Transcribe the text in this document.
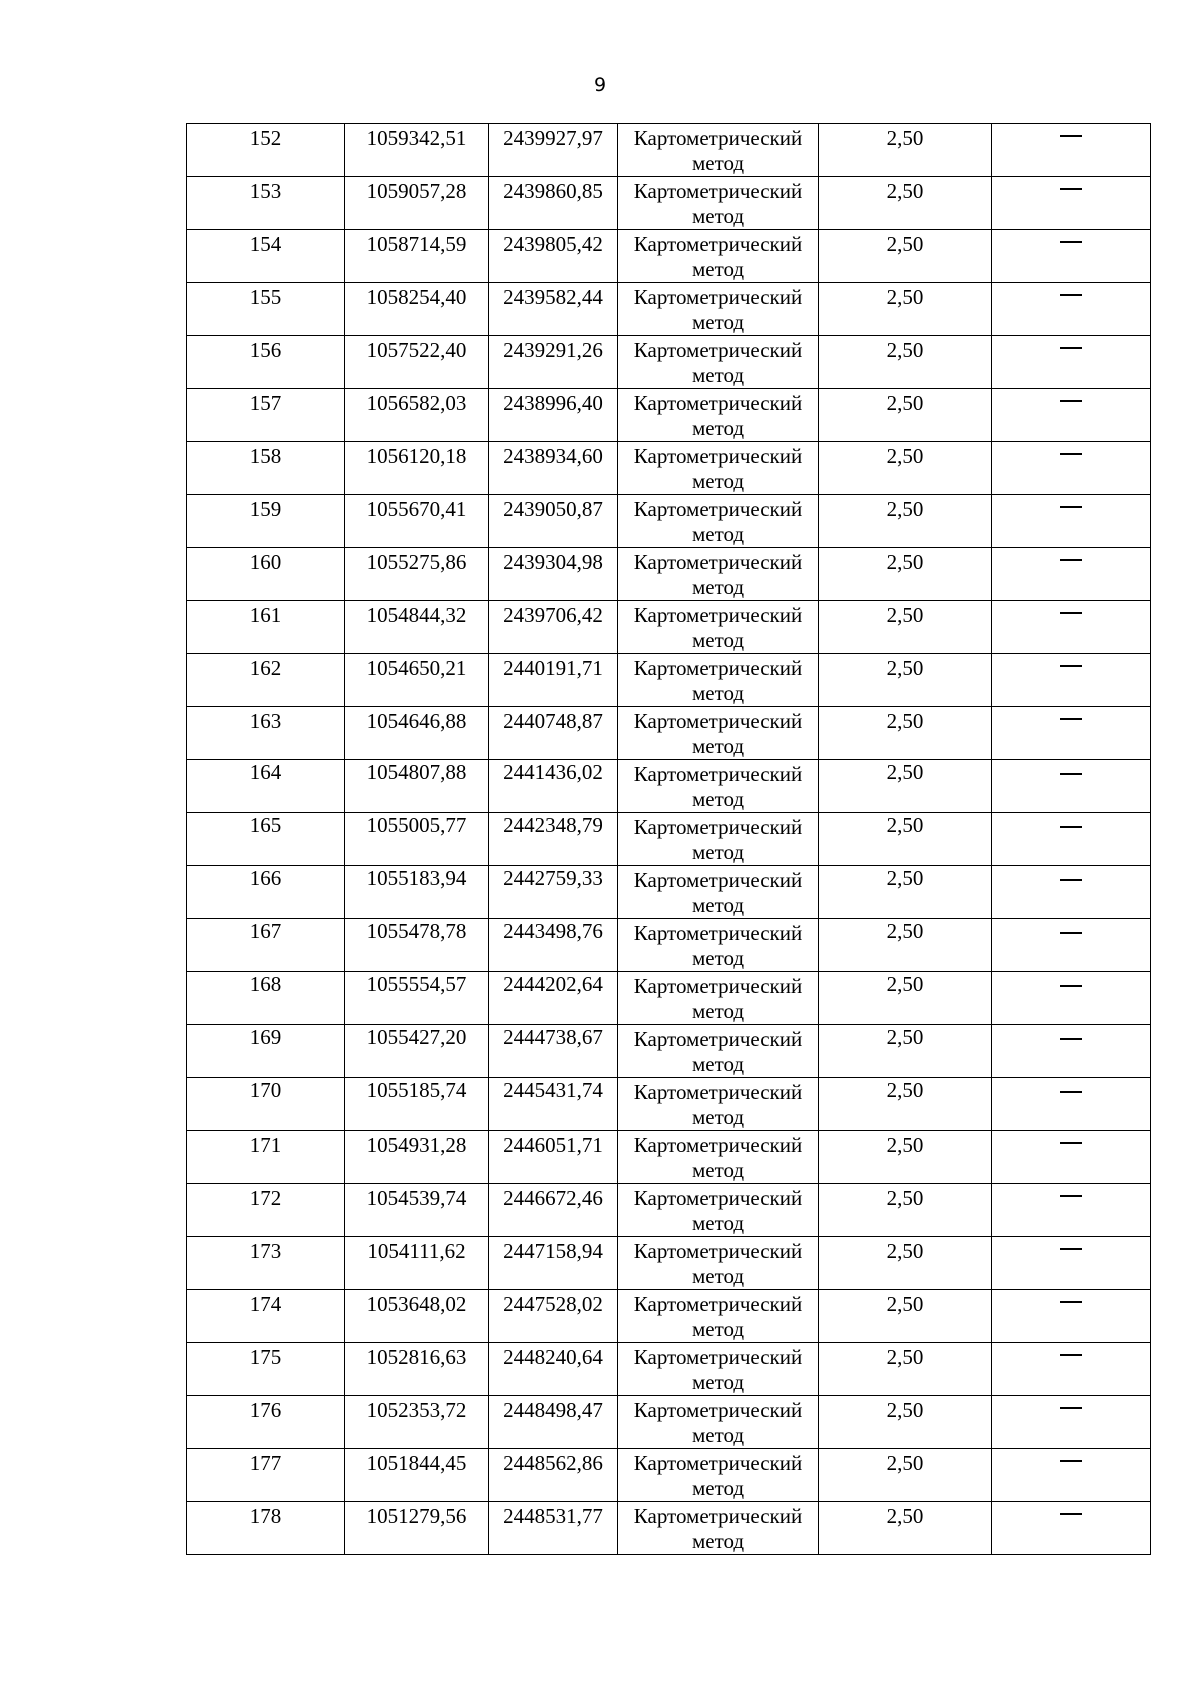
9
152	1059342,51	2439927,97	Картометрический метод	2,50	

153	1059057,28	2439860,85	Картометрический метод	2,50	

154	1058714,59	2439805,42	Картометрический метод	2,50	

155	1058254,40	2439582,44	Картометрический метод	2,50	

156	1057522,40	2439291,26	Картометрический метод	2,50	

157	1056582,03	2438996,40	Картометрический метод	2,50	

158	1056120,18	2438934,60	Картометрический метод	2,50	

159	1055670,41	2439050,87	Картометрический метод	2,50	

160	1055275,86	2439304,98	Картометрический метод	2,50	

161	1054844,32	2439706,42	Картометрический метод	2,50	

162	1054650,21	2440191,71	Картометрический метод	2,50	

163	1054646,88	2440748,87	Картометрический метод	2,50	

164	1054807,88	2441436,02	Картометрический метод	2,50	

165	1055005,77	2442348,79	Картометрический метод	2,50	

166	1055183,94	2442759,33	Картометрический метод	2,50	

167	1055478,78	2443498,76	Картометрический метод	2,50	

168	1055554,57	2444202,64	Картометрический метод	2,50	

169	1055427,20	2444738,67	Картометрический метод	2,50	

170	1055185,74	2445431,74	Картометрический метод	2,50	

171	1054931,28	2446051,71	Картометрический метод	2,50	

172	1054539,74	2446672,46	Картометрический метод	2,50	

173	1054111,62	2447158,94	Картометрический метод	2,50	

174	1053648,02	2447528,02	Картометрический метод	2,50	

175	1052816,63	2448240,64	Картометрический метод	2,50	

176	1052353,72	2448498,47	Картометрический метод	2,50	

177	1051844,45	2448562,86	Картометрический метод	2,50	

178	1051279,56	2448531,77	Картометрический метод	2,50	
